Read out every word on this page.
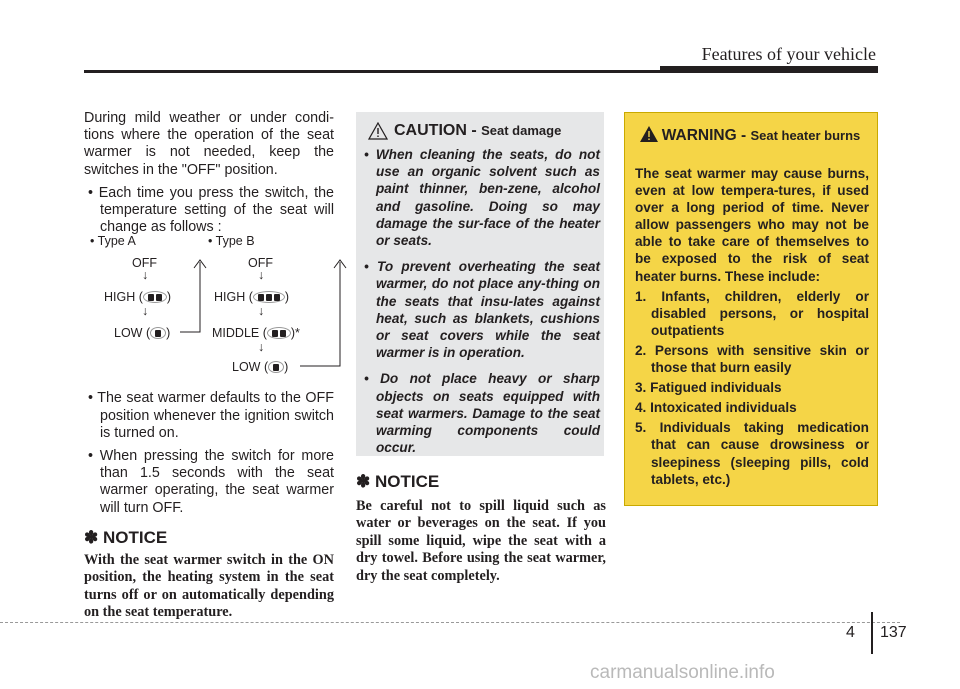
Features of your vehicle

During mild weather or under condi-tions where the operation of the seat warmer is not needed, keep the switches in the "OFF" position.

• Each time you press the switch, the temperature setting of the seat will change as follows :
• The seat warmer defaults to the OFF position whenever the ignition switch is turned on.
• When pressing the switch for more than 1.5 seconds with the seat warmer operating, the seat warmer will turn OFF.
✽ NOTICE

With the seat warmer switch in the ON position, the heating system in the seat turns off or on automatically depending on the seat temperature.

• Type A	• Type B
OFF
↓
HIGH ( )
↓
LOW ( )
OFF
↓
HIGH (	)
↓
MIDDLE ( )*
↓
LOW ( )
CAUTION - Seat damage
• When cleaning the seats, do not use an organic solvent such as paint thinner, ben-zene, alcohol and gasoline. Doing so may damage the sur-face of the heater or seats.
• To prevent overheating the seat warmer, do not place any-thing on the seats that insu-lates against heat, such as blankets, cushions or seat covers while the seat warmer is in operation.
• Do not place heavy or sharp objects on seats equipped with seat warmers. Damage to the seat warming components could occur.
✽ NOTICE

Be careful not to spill liquid such as water or beverages on the seat. If you spill some liquid, wipe the seat with a dry towel. Before using the seat warmer, dry the seat completely.

WARNING - Seat heater burns

The seat warmer may cause burns, even at low tempera-tures, if used over a long period of time. Never allow passengers who may not be able to take care of themselves to be exposed to the risk of seat heater burns. These include:

1. Infants, children, elderly or disabled persons, or hospital outpatients
2. Persons with sensitive skin or those that burn easily
3. Fatigued individuals
4. Intoxicated individuals
5. Individuals taking medication that can cause drowsiness or sleepiness (sleeping pills, cold tablets, etc.)
4 137
carmanualsonline.info
